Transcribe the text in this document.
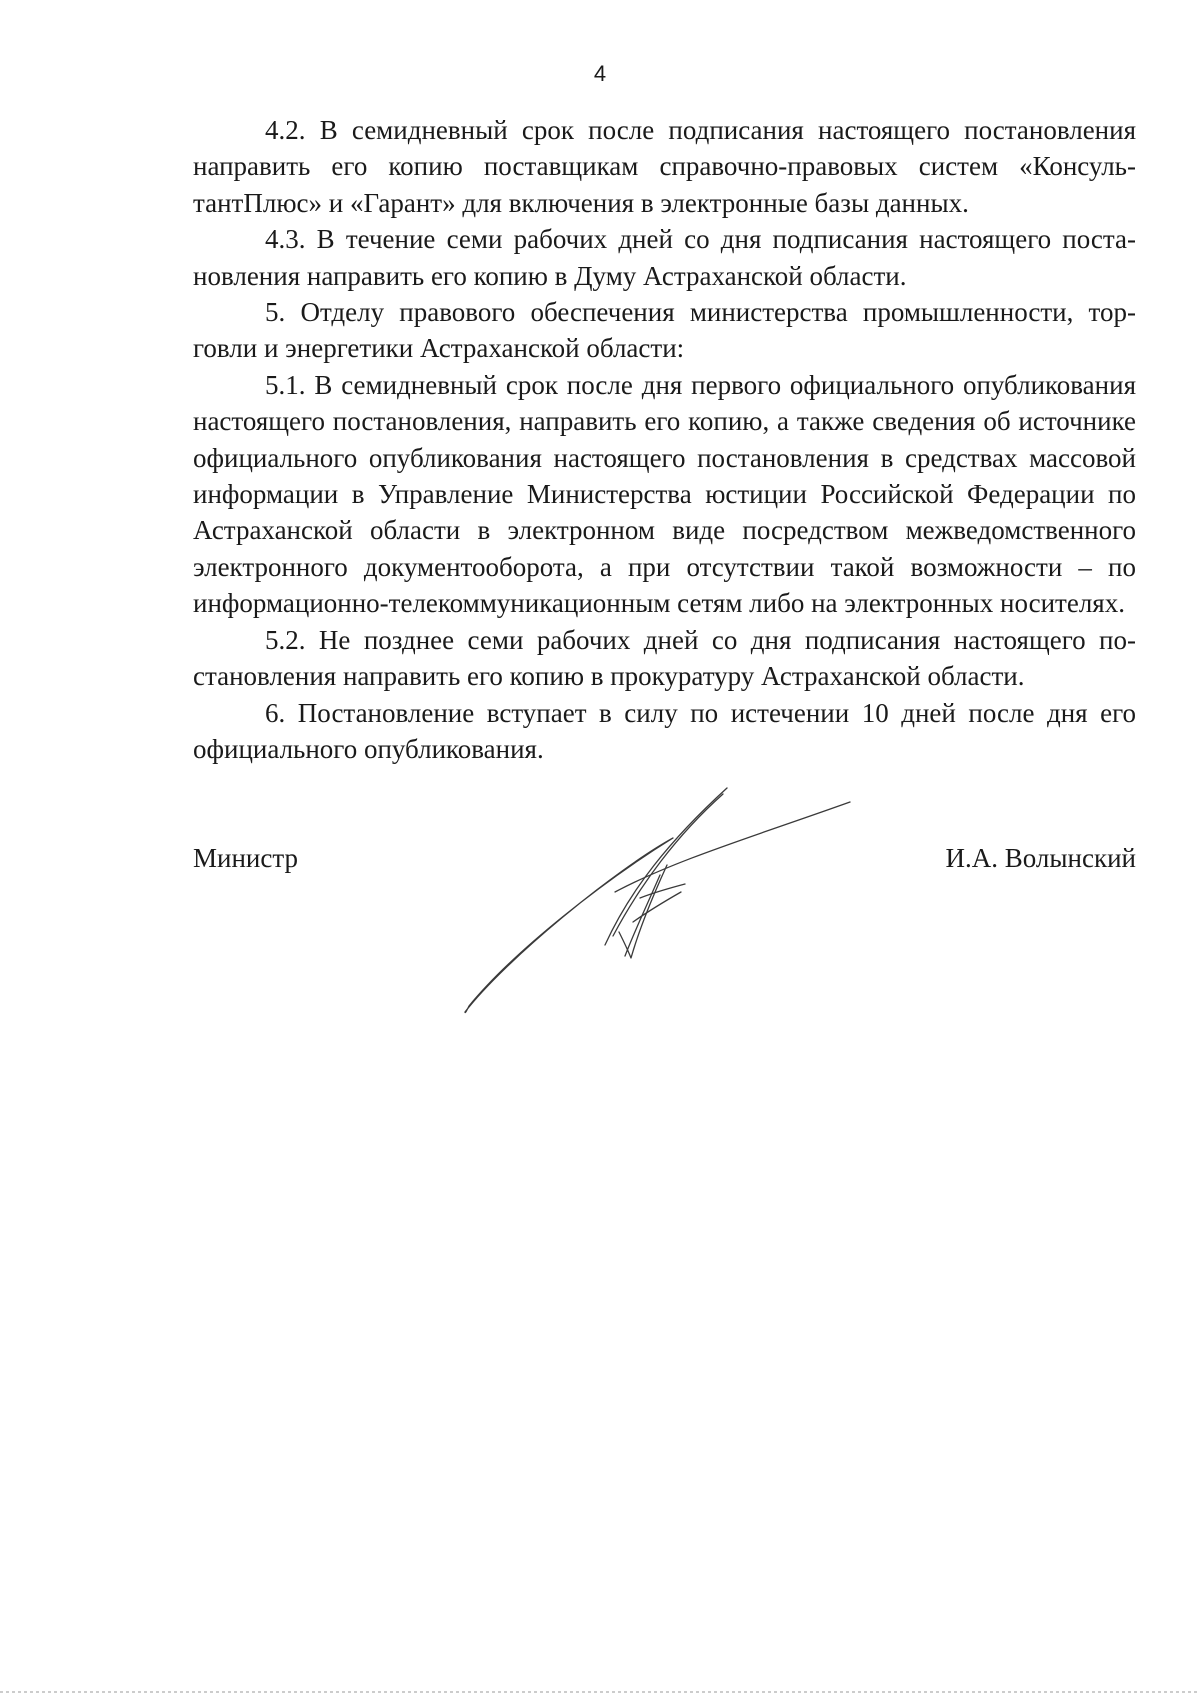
4

4.2. В семидневный срок после подписания настоящего постановления направить его копию поставщикам справочно-правовых систем «КонсультантПлюс» и «Гарант» для включения в электронные базы данных.

4.3. В течение семи рабочих дней со дня подписания настоящего постановления направить его копию в Думу Астраханской области.

5. Отделу правового обеспечения министерства промышленности, торговли и энергетики Астраханской области:

5.1. В семидневный срок после дня первого официального опубликования настоящего постановления, направить его копию, а также сведения об источнике официального опубликования настоящего постановления в средствах массовой информации в Управление Министерства юстиции Российской Федерации по Астраханской области в электронном виде посредством межведомственного электронного документооборота, а при отсутствии такой возможности – по информационно-телекоммуникационным сетям либо на электронных носителях.

5.2. Не позднее семи рабочих дней со дня подписания настоящего постановления направить его копию в прокуратуру Астраханской области.

6. Постановление вступает в силу по истечении 10 дней после дня его официального опубликования.

Министр	И.А. Волынский
